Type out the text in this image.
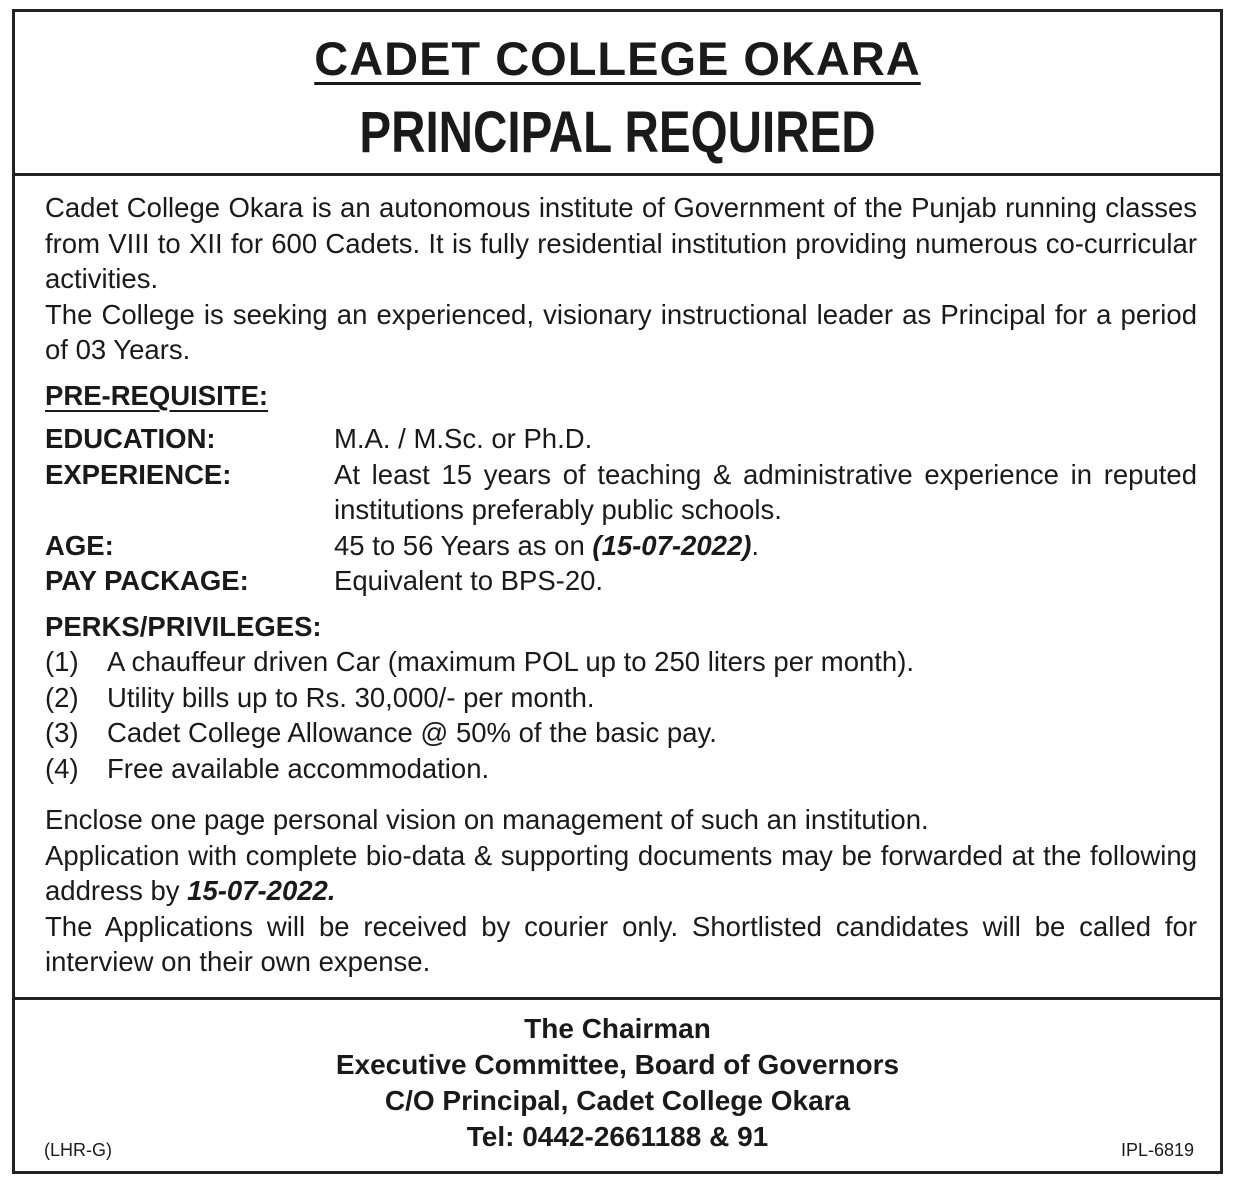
CADET COLLEGE OKARA
PRINCIPAL REQUIRED

Cadet College Okara is an autonomous institute of Government of the Punjab running classes from VIII to XII for 600 Cadets. It is fully residential institution providing numerous co-curricular activities.

The College is seeking an experienced, visionary instructional leader as Principal for a period of 03 Years.

PRE-REQUISITE:
EDUCATION:	M.A. / M.Sc. or Ph.D.
EXPERIENCE:	At least 15 years of teaching & administrative experience in reputed institutions preferably public schools.
AGE:	45 to 56 Years as on (15-07-2022).
PAY PACKAGE:	Equivalent to BPS-20.
PERKS/PRIVILEGES:
(1)	A chauffeur driven Car (maximum POL up to 250 liters per month).
(2)	Utility bills up to Rs. 30,000/- per month.
(3)	Cadet College Allowance @ 50% of the basic pay.
(4)	Free available accommodation.

Enclose one page personal vision on management of such an institution.

Application with complete bio-data & supporting documents may be forwarded at the following address by 15-07-2022.

The Applications will be received by courier only. Shortlisted candidates will be called for interview on their own expense.

The Chairman
Executive Committee, Board of Governors
C/O Principal, Cadet College Okara
Tel: 0442-2661188 & 91
(LHR-G)	IPL-6819
